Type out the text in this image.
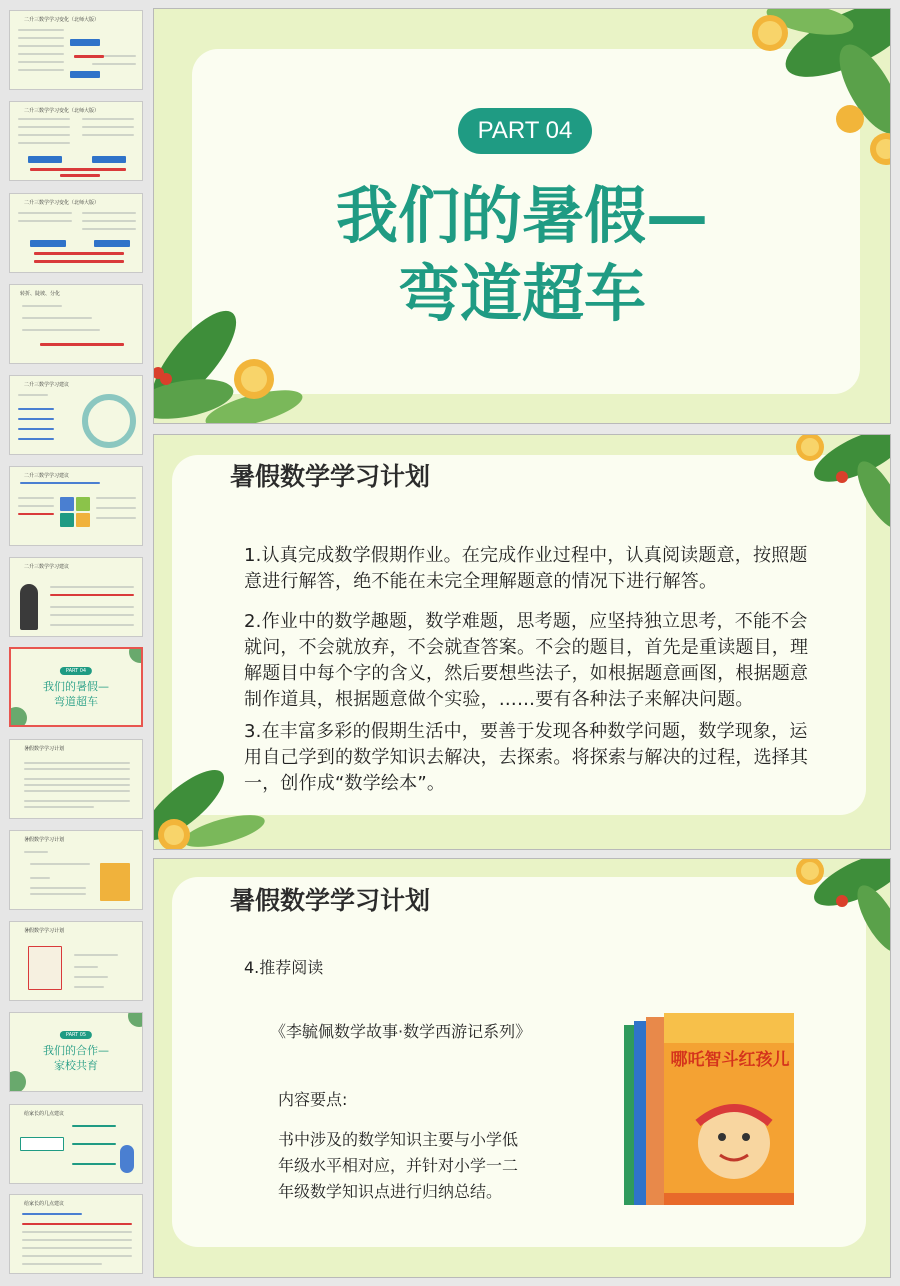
二升三数学学习变化（北师大版）
二升三数学学习变化（北师大版）
二升三数学学习变化（北师大版）
转折、陡坡、分化
二升三数学学习建议
二升三数学学习建议
二升三数学学习建议
PART 04
我们的暑假—
弯道超车
暑假数学学习计划
暑假数学学习计划
暑假数学学习计划
PART 05
我们的合作—
家校共育
给家长的几点建议
给家长的几点建议
PART 04
我们的暑假—
弯道超车
暑假数学学习计划
1.认真完成数学假期作业。在完成作业过程中，认真阅读题意，按照题意进行解答，绝不能在未完全理解题意的情况下进行解答。
2.作业中的数学趣题，数学难题，思考题，应坚持独立思考，不能不会就问，不会就放弃，不会就查答案。不会的题目，首先是重读题目，理解题目中每个字的含义，然后要想些法子，如根据题意画图，根据题意制作道具，根据题意做个实验，……要有各种法子来解决问题。
3.在丰富多彩的假期生活中，要善于发现各种数学问题，数学现象，运用自己学到的数学知识去解决，去探索。将探索与解决的过程，选择其一，创作成“数学绘本”。
暑假数学学习计划
4.推荐阅读
《李毓佩数学故事·数学西游记系列》
内容要点:
书中涉及的数学知识主要与小学低
年级水平相对应，并针对小学一二
年级数学知识点进行归纳总结。
哪吒智斗红孩儿
